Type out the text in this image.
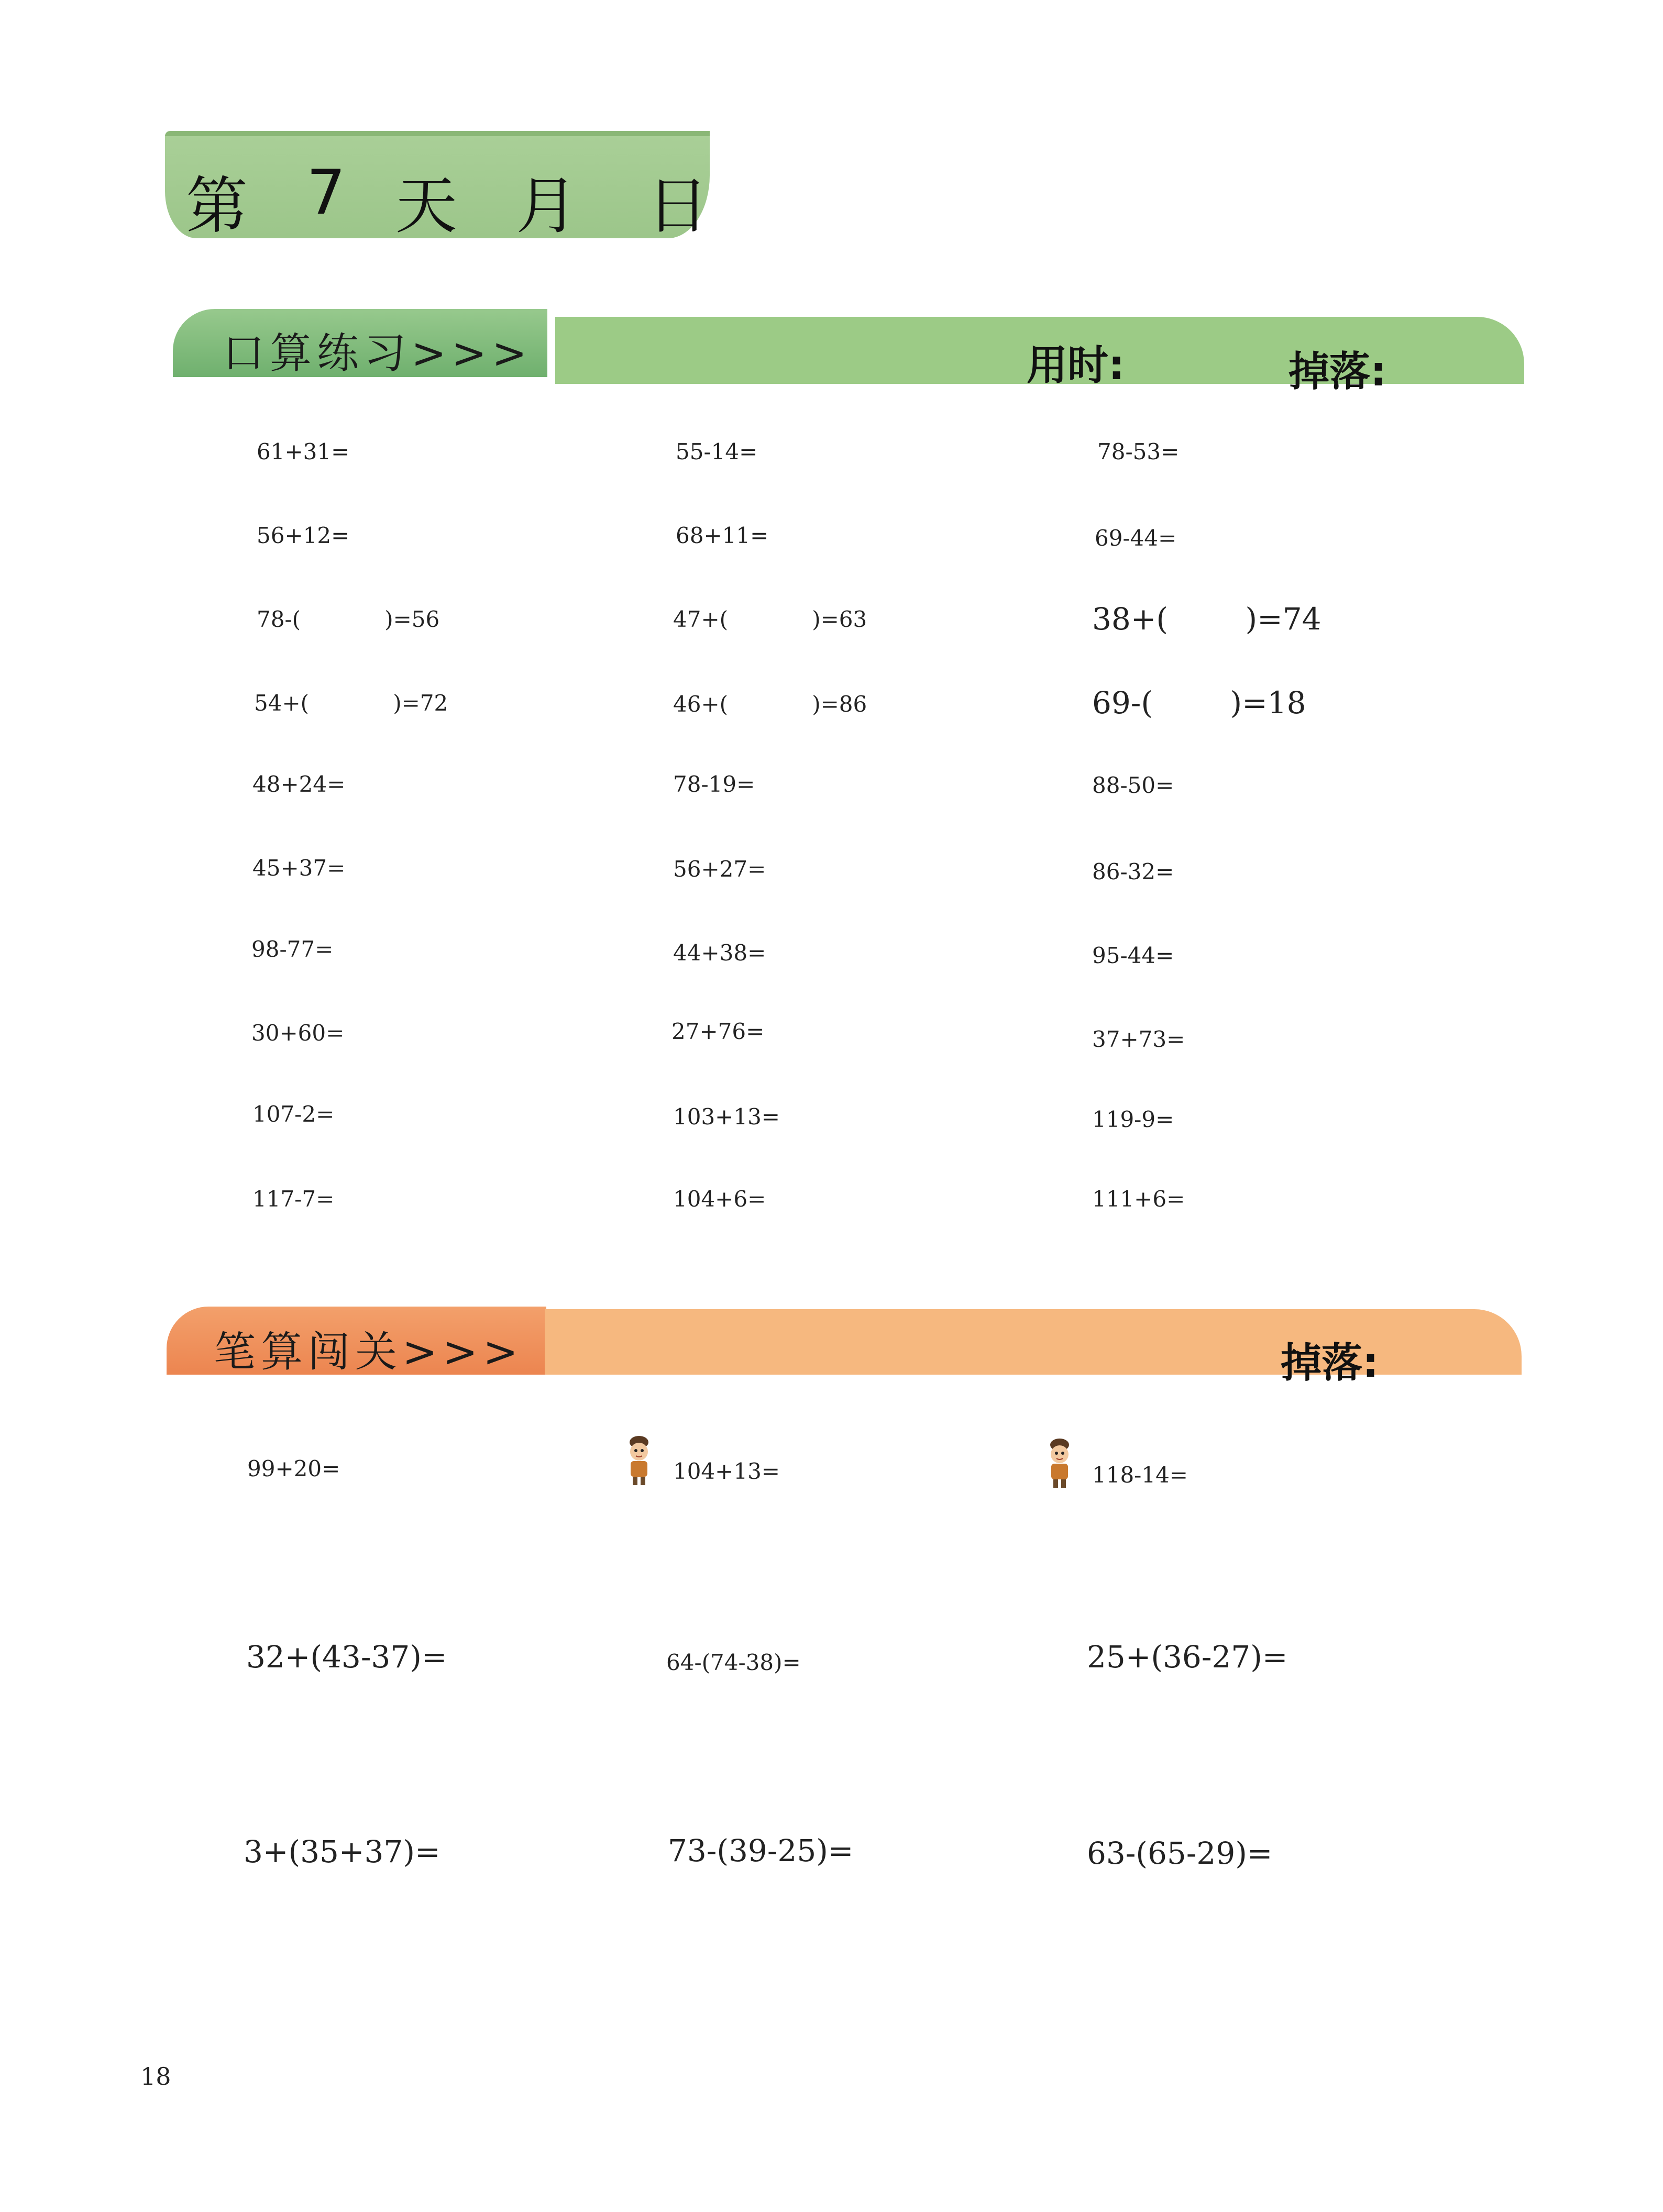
第 7 天 月 日
口算练习>>>	用时:	掉落:
61+31=	55-14=	78-53=
56+12=	68+11=	69-44=
78-(            )=56	47+(            )=63	38+(        )=74
54+(            )=72	46+(            )=86	69-(        )=18
48+24=	78-19=	88-50=
45+37=	56+27=	86-32=
98-77=	44+38=	95-44=
30+60=	27+76=	37+73=
107-2=	103+13=	119-9=
117-7=	104+6=	111+6=
笔算闯关>>>	掉落:
99+20=	104+13=	118-14=
32+(43-37)=	64-(74-38)=	25+(36-27)=
3+(35+37)=	73-(39-25)=	63-(65-29)=
18
